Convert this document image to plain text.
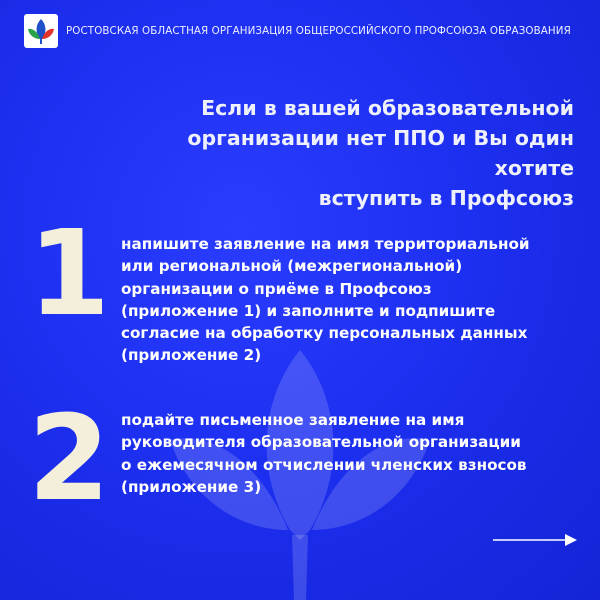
РОСТОВСКАЯ ОБЛАСТНАЯ ОРГАНИЗАЦИЯ ОБЩЕРОССИЙСКОГО ПРОФСОЮЗА ОБРАЗОВАНИЯ
Если в вашей образовательной
организации нет ППО и Вы один хотите
вступить в Профсоюз
1 напишите заявление на имя территориальной
или региональной (межрегиональной)
организации о приёме в Профсоюз
(приложение 1) и заполните и подпишите
согласие на обработку персональных данных
(приложение 2)
2 подайте письменное заявление на имя
руководителя образовательной организации
о ежемесячном отчислении членских взносов
(приложение 3)
